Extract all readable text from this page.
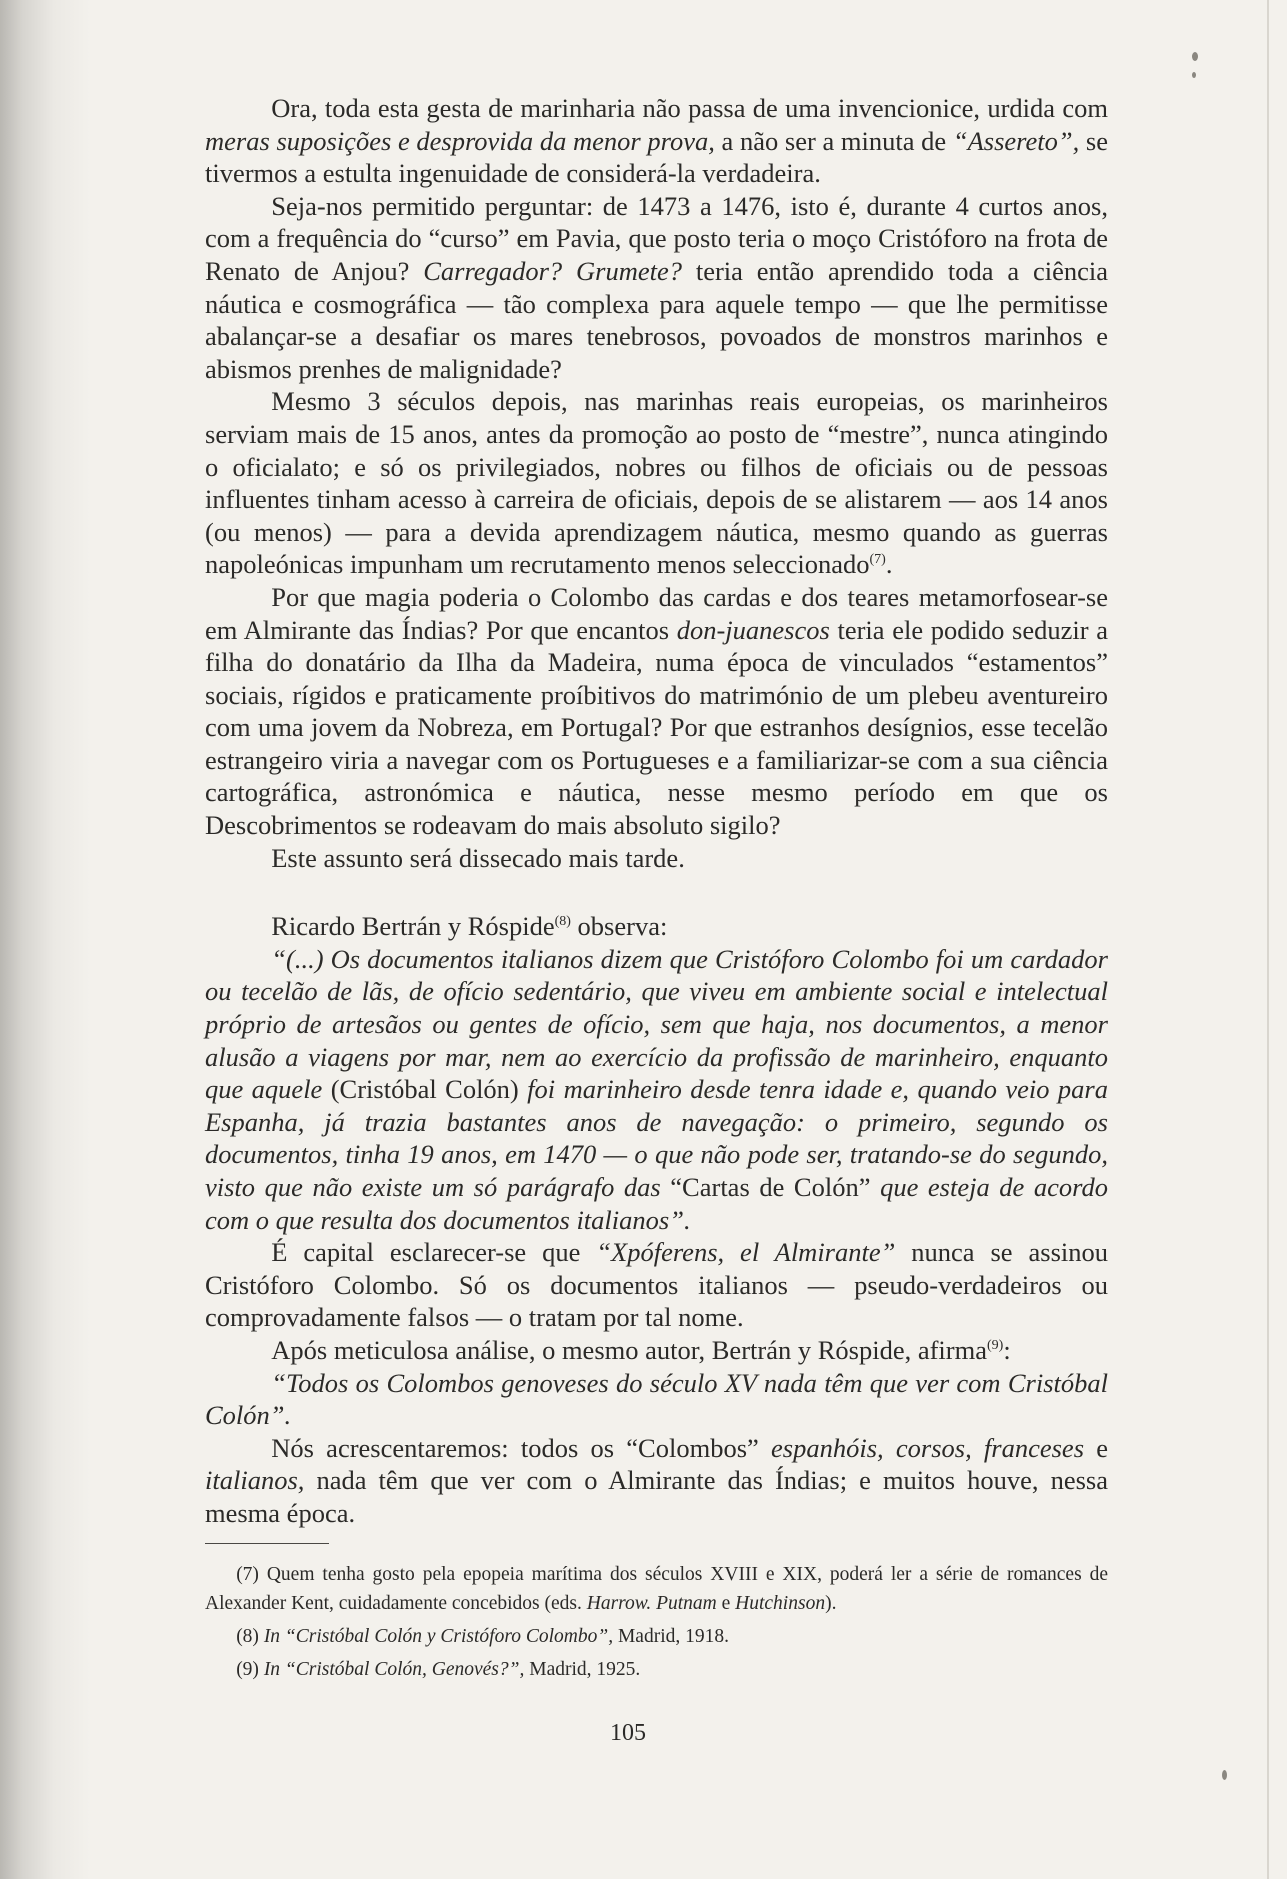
Ora, toda esta gesta de marinharia não passa de uma invencionice, urdida com meras suposições e desprovida da menor prova, a não ser a minuta de “Assereto”, se tivermos a estulta ingenuidade de considerá-la verdadeira.

Seja-nos permitido perguntar: de 1473 a 1476, isto é, durante 4 curtos anos, com a frequência do “curso” em Pavia, que posto teria o moço Cristóforo na frota de Renato de Anjou? Carregador? Grumete? teria então aprendido toda a ciência náutica e cosmográfica — tão complexa para aquele tempo — que lhe permitisse abalançar-se a desafiar os mares tenebrosos, povoados de monstros marinhos e abismos prenhes de malignidade?

Mesmo 3 séculos depois, nas marinhas reais europeias, os marinheiros serviam mais de 15 anos, antes da promoção ao posto de “mestre”, nunca atingindo o oficialato; e só os privilegiados, nobres ou filhos de oficiais ou de pessoas influentes tinham acesso à carreira de oficiais, depois de se alistarem — aos 14 anos (ou menos) — para a devida aprendizagem náutica, mesmo quando as guerras napoleónicas impunham um recrutamento menos seleccionado$^{(7)}$.

Por que magia poderia o Colombo das cardas e dos teares metamorfosear-se em Almirante das Índias? Por que encantos don-juanescos teria ele podido seduzir a filha do donatário da Ilha da Madeira, numa época de vinculados “estamentos” sociais, rígidos e praticamente proíbitivos do matrimónio de um plebeu aventureiro com uma jovem da Nobreza, em Portugal? Por que estranhos desígnios, esse tecelão estrangeiro viria a navegar com os Portugueses e a familiarizar-se com a sua ciência cartográfica, astronómica e náutica, nesse mesmo período em que os Descobrimentos se rodeavam do mais absoluto sigilo?

Este assunto será dissecado mais tarde.

Ricardo Bertrán y Róspide$^{(8)}$ observa:

“(...) Os documentos italianos dizem que Cristóforo Colombo foi um cardador ou tecelão de lãs, de ofício sedentário, que viveu em ambiente social e intelectual próprio de artesãos ou gentes de ofício, sem que haja, nos documentos, a menor alusão a viagens por mar, nem ao exercício da profissão de marinheiro, enquanto que aquele (Cristóbal Colón) foi marinheiro desde tenra idade e, quando veio para Espanha, já trazia bastantes anos de navegação: o primeiro, segundo os documentos, tinha 19 anos, em 1470 — o que não pode ser, tratando-se do segundo, visto que não existe um só parágrafo das “Cartas de Colón” que esteja de acordo com o que resulta dos documentos italianos”.

É capital esclarecer-se que “Xpóferens, el Almirante” nunca se assinou Cristóforo Colombo. Só os documentos italianos — pseudo-verdadeiros ou comprovadamente falsos — o tratam por tal nome.

Após meticulosa análise, o mesmo autor, Bertrán y Róspide, afirma$^{(9)}$:

“Todos os Colombos genoveses do século XV nada têm que ver com Cristóbal Colón”.

Nós acrescentaremos: todos os “Colombos” espanhóis, corsos, franceses e italianos, nada têm que ver com o Almirante das Índias; e muitos houve, nessa mesma época.

(7) Quem tenha gosto pela epopeia marítima dos séculos XVIII e XIX, poderá ler a série de romances de Alexander Kent, cuidadamente concebidos (eds. Harrow. Putnam e Hutchinson).

(8) In “Cristóbal Colón y Cristóforo Colombo”, Madrid, 1918.

(9) In “Cristóbal Colón, Genovés?”, Madrid, 1925.

105
